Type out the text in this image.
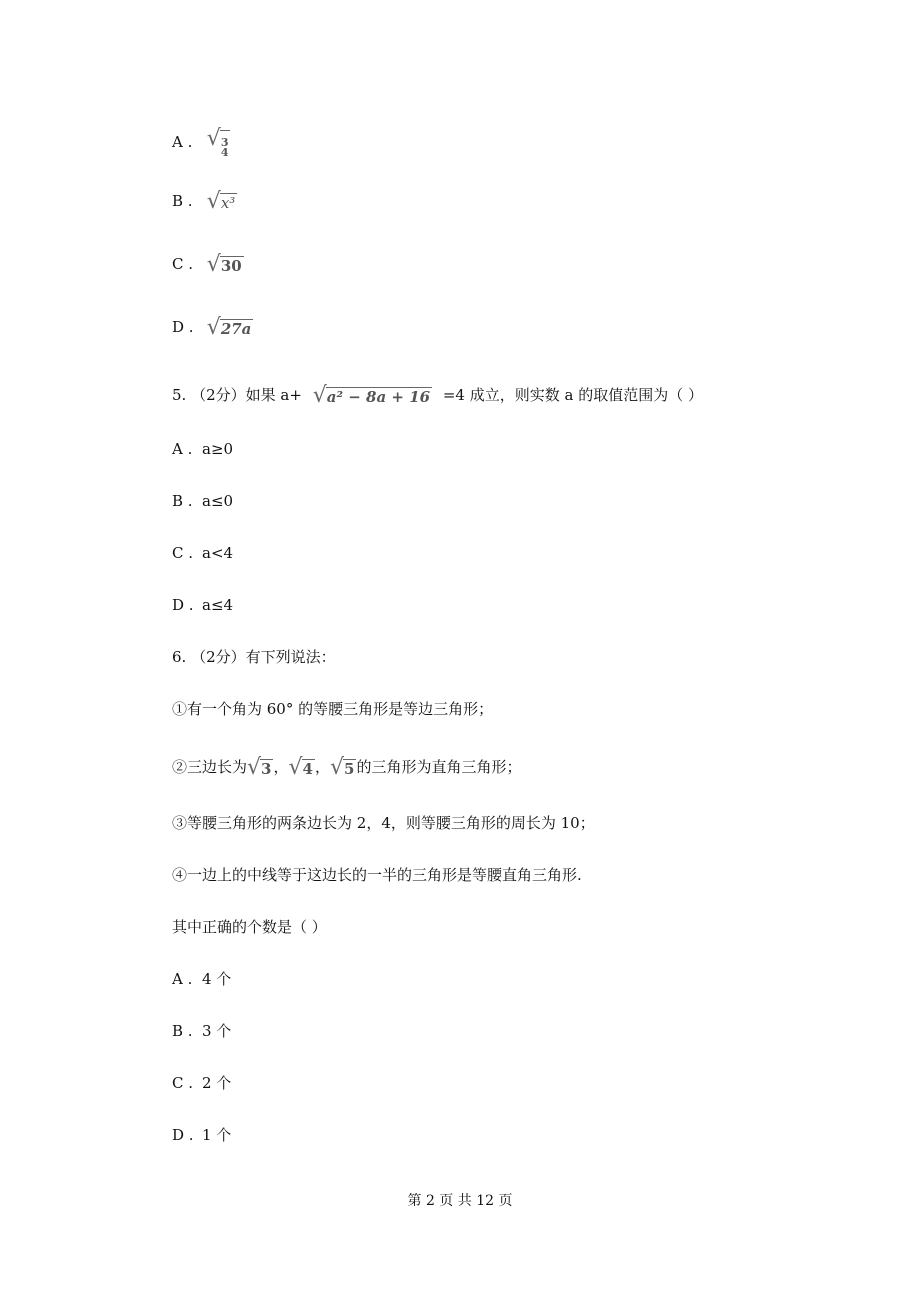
A . √ 3
4
B . √ x³
C . √ 30
D . √ 27a
5. （2分）如果 a+ √ a² − 8a + 16 =4 成立，则实数 a 的取值范围为（ ）
A . a≥0
B . a≤0
C . a<4
D . a≤4
6. （2分）有下列说法：
①有一个角为 60° 的等腰三角形是等边三角形；
②三边长为 √ 3 ， √ 4 ， √ 5 的三角形为直角三角形；
③等腰三角形的两条边长为 2，4，则等腰三角形的周长为 10；
④一边上的中线等于这边长的一半的三角形是等腰直角三角形.
其中正确的个数是（ ）
A . 4 个
B . 3 个
C . 2 个
D . 1 个
第 2 页 共 12 页
